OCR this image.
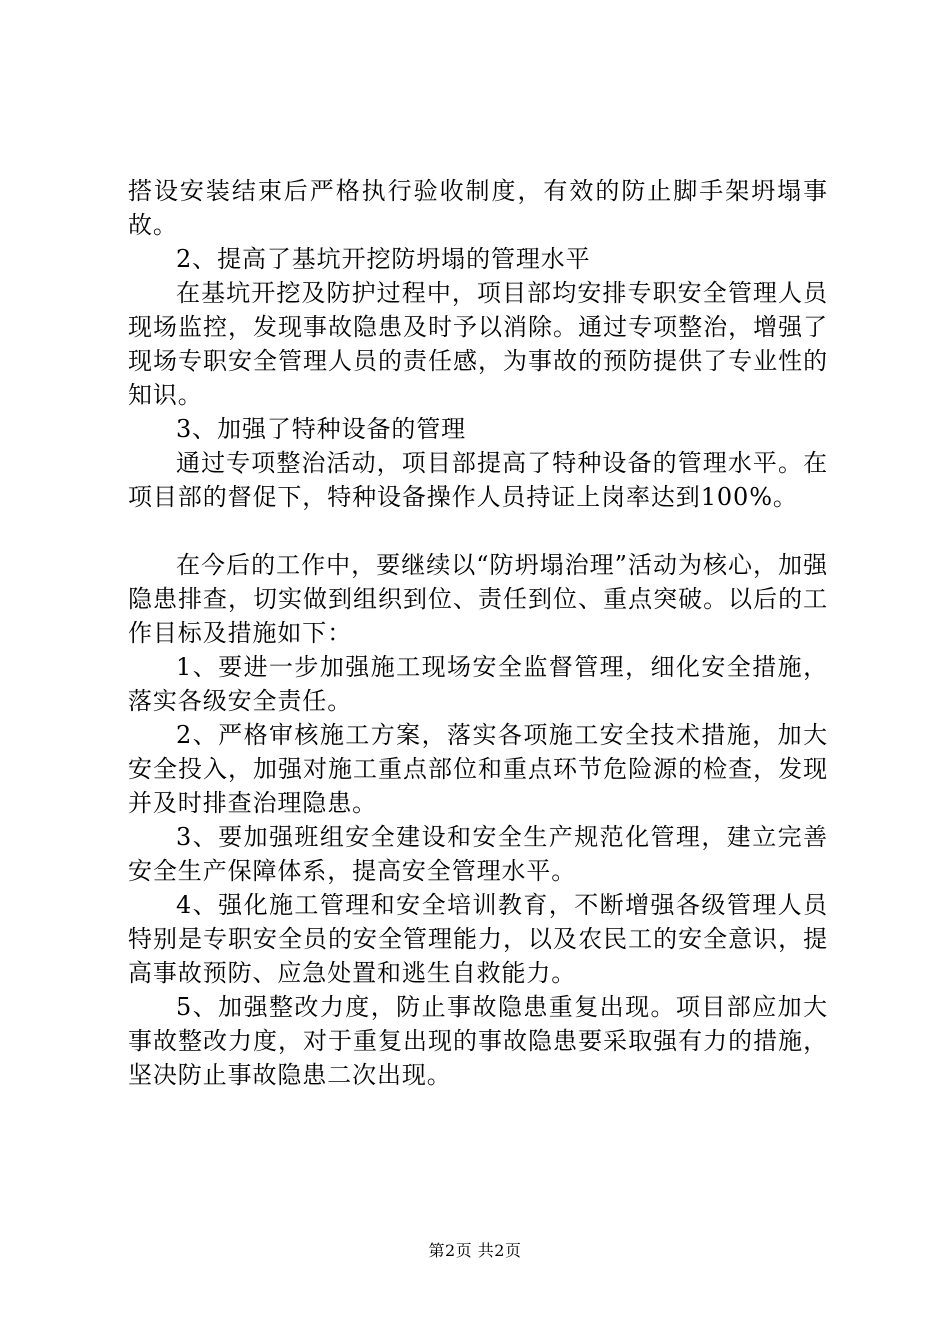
搭设安装结束后严格执行验收制度，有效的防止脚手架坍塌事故。

2、提高了基坑开挖防坍塌的管理水平

在基坑开挖及防护过程中，项目部均安排专职安全管理人员现场监控，发现事故隐患及时予以消除。通过专项整治，增强了现场专职安全管理人员的责任感，为事故的预防提供了专业性的知识。

3、加强了特种设备的管理

通过专项整治活动，项目部提高了特种设备的管理水平。在项目部的督促下，特种设备操作人员持证上岗率达到100%。

在今后的工作中，要继续以“防坍塌治理”活动为核心，加强隐患排查，切实做到组织到位、责任到位、重点突破。以后的工作目标及措施如下：

1、要进一步加强施工现场安全监督管理，细化安全措施，落实各级安全责任。

2、严格审核施工方案，落实各项施工安全技术措施，加大安全投入，加强对施工重点部位和重点环节危险源的检查，发现并及时排查治理隐患。

3、要加强班组安全建设和安全生产规范化管理，建立完善安全生产保障体系，提高安全管理水平。

4、强化施工管理和安全培训教育，不断增强各级管理人员特别是专职安全员的安全管理能力，以及农民工的安全意识，提高事故预防、应急处置和逃生自救能力。

5、加强整改力度，防止事故隐患重复出现。项目部应加大事故整改力度，对于重复出现的事故隐患要采取强有力的措施，坚决防止事故隐患二次出现。

第2页 共2页
